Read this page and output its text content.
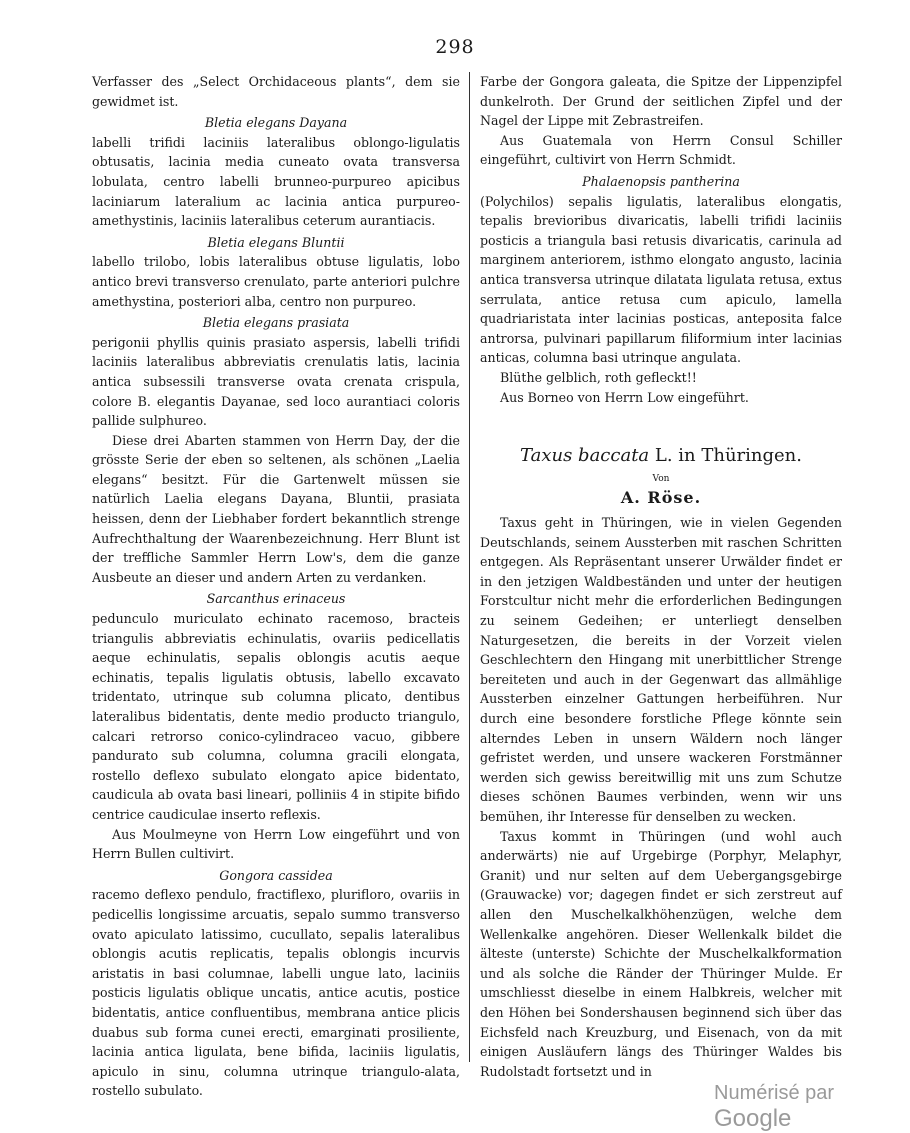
298

Verfasser des „Select Orchidaceous plants“, dem sie gewidmet ist.

Bletia elegans Dayana

labelli trifidi laciniis lateralibus oblongo-ligulatis obtusatis, lacinia media cuneato ovata transversa lobulata, centro labelli brunneo-purpureo apicibus laciniarum lateralium ac lacinia antica purpureo-amethystinis, laciniis lateralibus ceterum aurantiacis.

Bletia elegans Bluntii

labello trilobo, lobis lateralibus obtuse ligulatis, lobo antico brevi transverso crenulato, parte anteriori pulchre amethystina, posteriori alba, centro non purpureo.

Bletia elegans prasiata

perigonii phyllis quinis prasiato aspersis, labelli trifidi laciniis lateralibus abbreviatis crenulatis latis, lacinia antica subsessili transverse ovata crenata crispula, colore B. elegantis Dayanae, sed loco aurantiaci coloris pallide sulphureo.

Diese drei Abarten stammen von Herrn Day, der die grösste Serie der eben so seltenen, als schönen „Laelia elegans“ besitzt. Für die Gartenwelt müssen sie natürlich Laelia elegans Dayana, Bluntii, prasiata heissen, denn der Liebhaber fordert bekanntlich strenge Aufrechthaltung der Waarenbezeichnung. Herr Blunt ist der treffliche Sammler Herrn Low's, dem die ganze Ausbeute an dieser und andern Arten zu verdanken.

Sarcanthus erinaceus

pedunculo muriculato echinato racemoso, bracteis triangulis abbreviatis echinulatis, ovariis pedicellatis aeque echinulatis, sepalis oblongis acutis aeque echinatis, tepalis ligulatis obtusis, labello excavato tridentato, utrinque sub columna plicato, dentibus lateralibus bidentatis, dente medio producto triangulo, calcari retrorso conico-cylindraceo vacuo, gibbere pandurato sub columna, columna gracili elongata, rostello deflexo subulato elongato apice bidentato, caudicula ab ovata basi lineari, polliniis 4 in stipite bifido centrice caudiculae inserto reflexis.

Aus Moulmeyne von Herrn Low eingeführt und von Herrn Bullen cultivirt.

Gongora cassidea

racemo deflexo pendulo, fractiflexo, plurifloro, ovariis in pedicellis longissime arcuatis, sepalo summo transverso ovato apiculato latissimo, cucullato, sepalis lateralibus oblongis acutis replicatis, tepalis oblongis incurvis aristatis in basi columnae, labelli ungue lato, laciniis posticis ligulatis oblique uncatis, antice acutis, postice bidentatis, antice confluentibus, membrana antice plicis duabus sub forma cunei erecti, emarginati prosiliente, lacinia antica ligulata, bene bifida, laciniis ligulatis, apiculo in sinu, columna utrinque triangulo-alata, rostello subulato.

Farbe der Gongora galeata, die Spitze der Lippenzipfel dunkelroth. Der Grund der seitlichen Zipfel und der Nagel der Lippe mit Zebrastreifen.

Aus Guatemala von Herrn Consul Schiller eingeführt, cultivirt von Herrn Schmidt.

Phalaenopsis pantherina

(Polychilos) sepalis ligulatis, lateralibus elongatis, tepalis brevioribus divaricatis, labelli trifidi laciniis posticis a triangula basi retusis divaricatis, carinula ad marginem anteriorem, isthmo elongato angusto, lacinia antica transversa utrinque dilatata ligulata retusa, extus serrulata, antice retusa cum apiculo, lamella quadriaristata inter lacinias posticas, anteposita falce antrorsa, pulvinari papillarum filiformium inter lacinias anticas, columna basi utrinque angulata.

Blüthe gelblich, roth gefleckt!!

Aus Borneo von Herrn Low eingeführt.

Taxus baccata L. in Thüringen.
Von
A. Röse.

Taxus geht in Thüringen, wie in vielen Gegenden Deutschlands, seinem Aussterben mit raschen Schritten entgegen. Als Repräsentant unserer Urwälder findet er in den jetzigen Waldbeständen und unter der heutigen Forstcultur nicht mehr die erforderlichen Bedingungen zu seinem Gedeihen; er unterliegt denselben Naturgesetzen, die bereits in der Vorzeit vielen Geschlechtern den Hingang mit unerbittlicher Strenge bereiteten und auch in der Gegenwart das allmählige Aussterben einzelner Gattungen herbeiführen. Nur durch eine besondere forstliche Pflege könnte sein alterndes Leben in unsern Wäldern noch länger gefristet werden, und unsere wackeren Forstmänner werden sich gewiss bereitwillig mit uns zum Schutze dieses schönen Baumes verbinden, wenn wir uns bemühen, ihr Interesse für denselben zu wecken.

Taxus kommt in Thüringen (und wohl auch anderwärts) nie auf Urgebirge (Porphyr, Melaphyr, Granit) und nur selten auf dem Uebergangsgebirge (Grauwacke) vor; dagegen findet er sich zerstreut auf allen den Muschelkalkhöhenzügen, welche dem Wellenkalke angehören. Dieser Wellenkalk bildet die älteste (unterste) Schichte der Muschelkalkformation und als solche die Ränder der Thüringer Mulde. Er umschliesst dieselbe in einem Halbkreis, welcher mit den Höhen bei Sondershausen beginnend sich über das Eichsfeld nach Kreuzburg, und Eisenach, von da mit einigen Ausläufern längs des Thüringer Waldes bis Rudolstadt fortsetzt und in

Numérisé par Google
